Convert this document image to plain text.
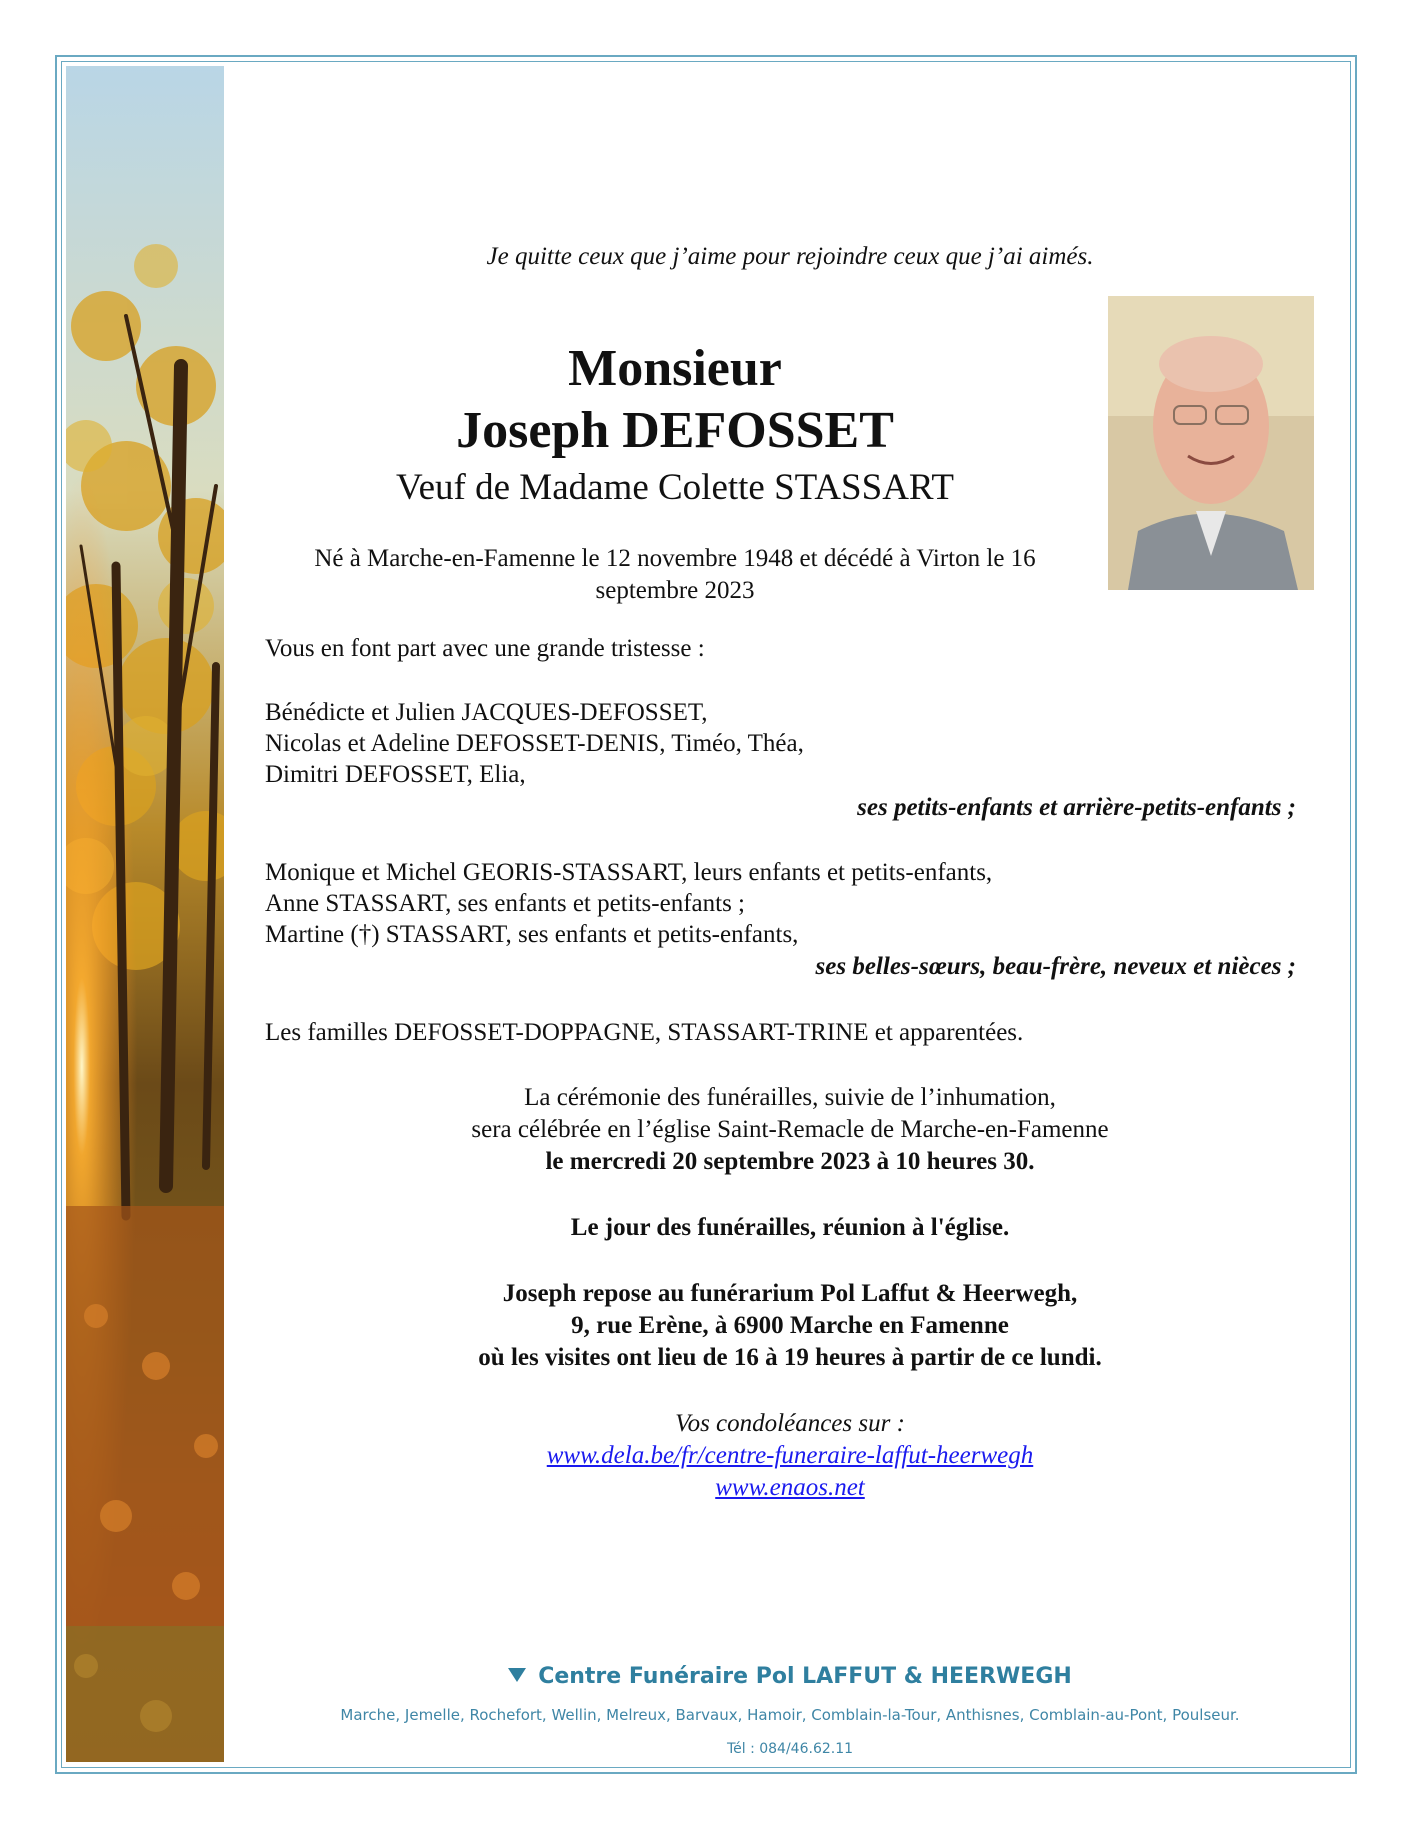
Je quitte ceux que j’aime pour rejoindre ceux que j’ai aimés.
Monsieur
Joseph DEFOSSET
Veuf de Madame Colette STASSART
Né à Marche-en-Famenne le 12 novembre 1948 et décédé à Virton le 16
septembre 2023
Vous en font part avec une grande tristesse :
Bénédicte et Julien JACQUES-DEFOSSET,
Nicolas et Adeline DEFOSSET-DENIS, Timéo, Théa,
Dimitri DEFOSSET, Elia,
ses petits-enfants et arrière-petits-enfants ;
Monique et Michel GEORIS-STASSART, leurs enfants et petits-enfants,
Anne STASSART, ses enfants et petits-enfants ;
Martine (†) STASSART, ses enfants et petits-enfants,
ses belles-sœurs, beau-frère, neveux et nièces ;
Les familles DEFOSSET-DOPPAGNE, STASSART-TRINE et apparentées.
La cérémonie des funérailles, suivie de l’inhumation,
sera célébrée en l’église Saint-Remacle de Marche-en-Famenne
le mercredi 20 septembre 2023 à 10 heures 30.
Le jour des funérailles, réunion à l'église.
Joseph repose au funérarium Pol Laffut & Heerwegh,
9, rue Erène, à 6900 Marche en Famenne
où les visites ont lieu de 16 à 19 heures à partir de ce lundi.
Vos condoléances sur :
www.dela.be/fr/centre-funeraire-laffut-heerwegh
www.enaos.net
Centre Funéraire Pol LAFFUT & HEERWEGH
Marche, Jemelle, Rochefort, Wellin, Melreux, Barvaux, Hamoir, Comblain-la-Tour, Anthisnes, Comblain-au-Pont, Poulseur.
Tél : 084/46.62.11
